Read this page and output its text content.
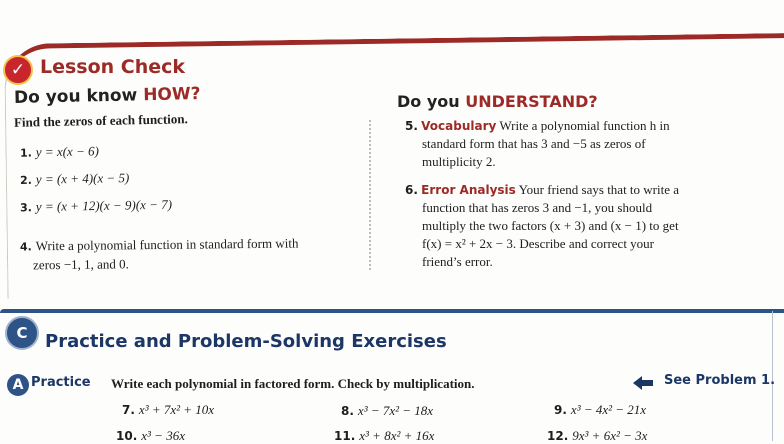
✓ Lesson Check
Do you know HOW?
Find the zeros of each function.
1. y = x(x − 6)
2. y = (x + 4)(x − 5)
3. y = (x + 12)(x − 9)(x − 7)
4. Write a polynomial function in standard form with
zeros −1, 1, and 0.
Do you UNDERSTAND?
5. Vocabulary Write a polynomial function h in
standard form that has 3 and −5 as zeros of
multiplicity 2.
6. Error Analysis Your friend says that to write a
function that has zeros 3 and −1, you should
multiply the two factors (x + 3) and (x − 1) to get
f(x) = x² + 2x − 3. Describe and correct your
friend’s error.
C Practice and Problem-Solving Exercises
A Practice Write each polynomial in factored form. Check by multiplication.	See Problem 1.
7. x³ + 7x² + 10x	8. x³ − 7x² − 18x	9. x³ − 4x² − 21x
10. x³ − 36x	11. x³ + 8x² + 16x	12. 9x³ + 6x² − 3x
